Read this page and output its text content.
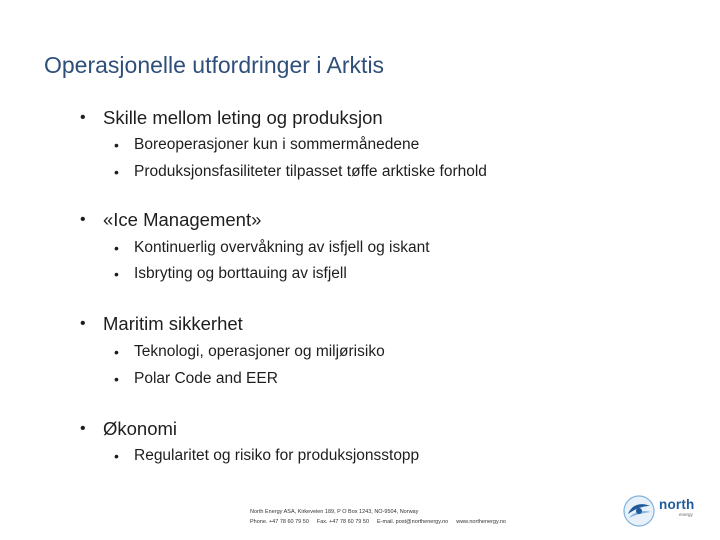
Operasjonelle utfordringer i Arktis
• Skille mellom leting og produksjon
• Boreoperasjoner kun i sommermånedene
• Produksjonsfasiliteter tilpasset tøffe arktiske forhold
• «Ice Management»
• Kontinuerlig overvåkning av isfjell og iskant
• Isbryting og borttauing av isfjell
• Maritim sikkerhet
• Teknologi, operasjoner og miljørisiko
• Polar Code and EER
• Økonomi
• Regularitet og risiko for produksjonsstopp
North Energy ASA, Kirkeveien 189, P O Box 1243, NO-9504, Norway
Phone. +47 78 60 79 50 Fax. +47 78 60 79 50 E-mail. post@northenergy.no www.northenergy.no
north
energy
